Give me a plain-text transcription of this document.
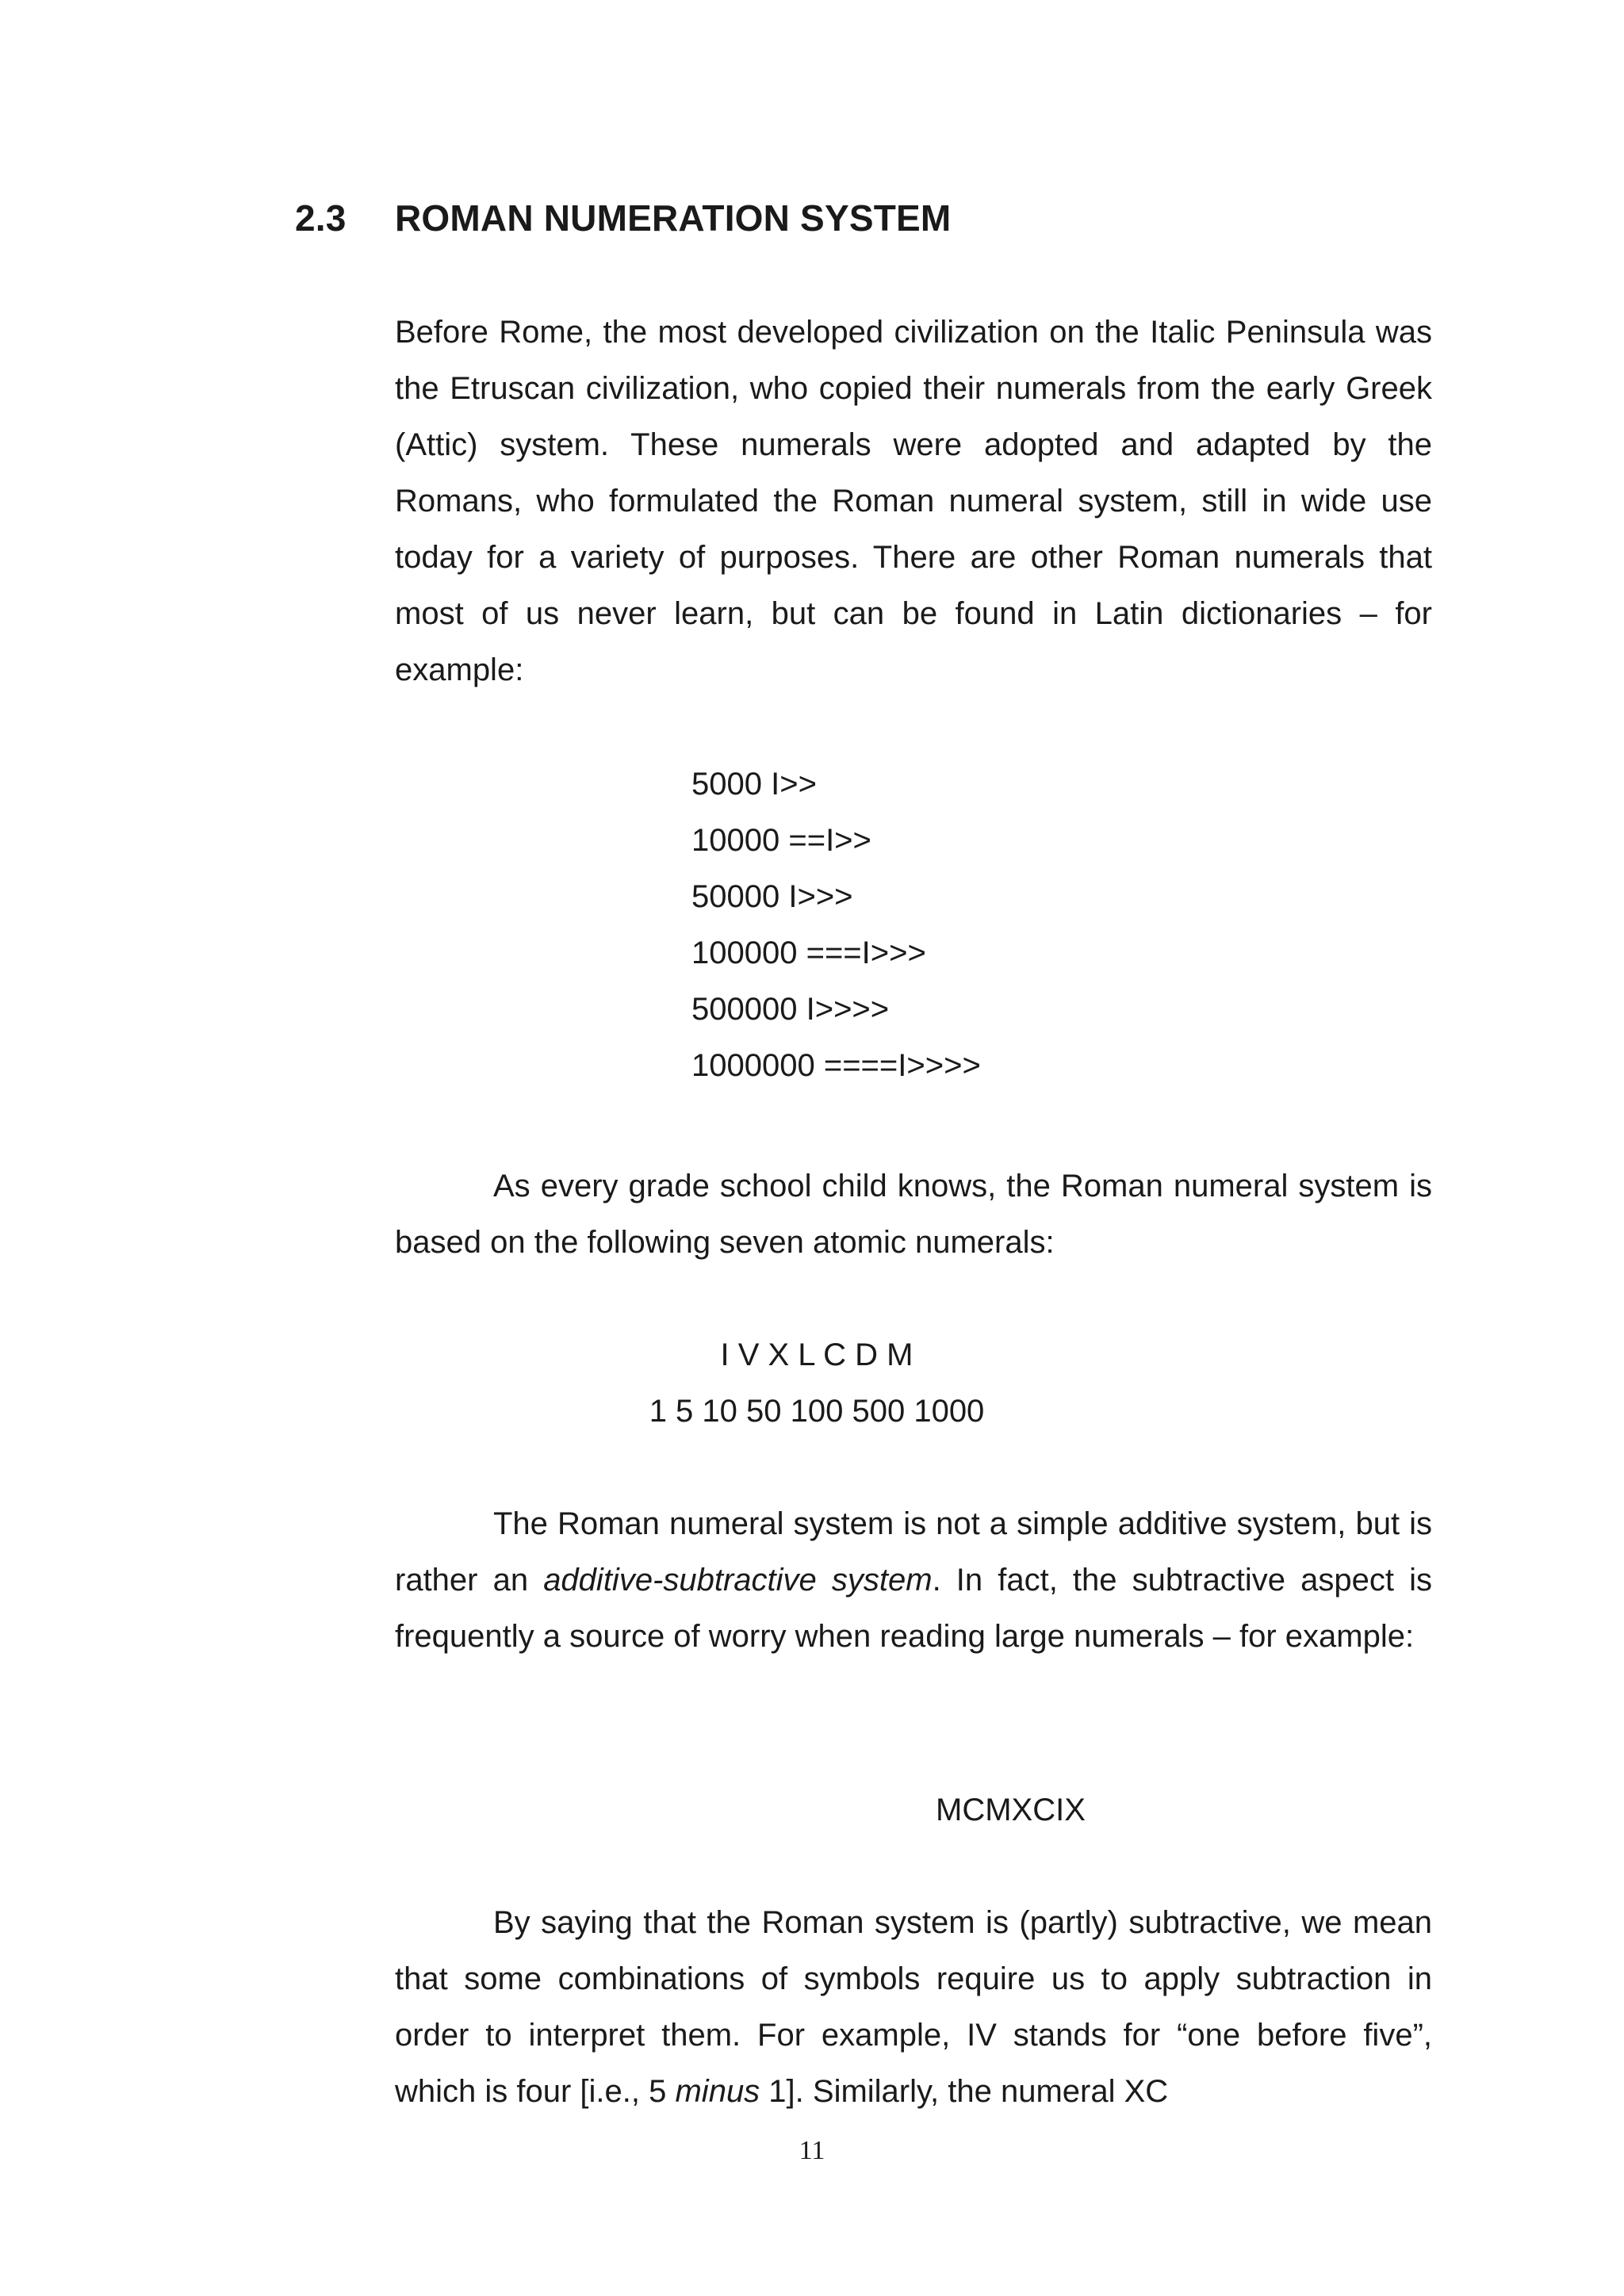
2.3 ROMAN NUMERATION SYSTEM

Before Rome, the most developed civilization on the Italic Peninsula was the Etruscan civilization, who copied their numerals from the early Greek (Attic) system. These numerals were adopted and adapted by the Romans, who formulated the Roman numeral system, still in wide use today for a variety of purposes. There are other Roman numerals that most of us never learn, but can be found in Latin dictionaries – for example:

5000 I>>
10000 ==I>>
50000 I>>>
100000 ===I>>>
500000 I>>>>
1000000 ====I>>>>

As every grade school child knows, the Roman numeral system is based on the following seven atomic numerals:

I V X L C D M
1 5 10 50 100 500 1000

The Roman numeral system is not a simple additive system, but is rather an additive-subtractive system. In fact, the subtractive aspect is frequently a source of worry when reading large numerals – for example:

MCMXCIX

By saying that the Roman system is (partly) subtractive, we mean that some combinations of symbols require us to apply subtraction in order to interpret them. For example, IV stands for “one before five”, which is four [i.e., 5 minus 1]. Similarly, the numeral XC

11
